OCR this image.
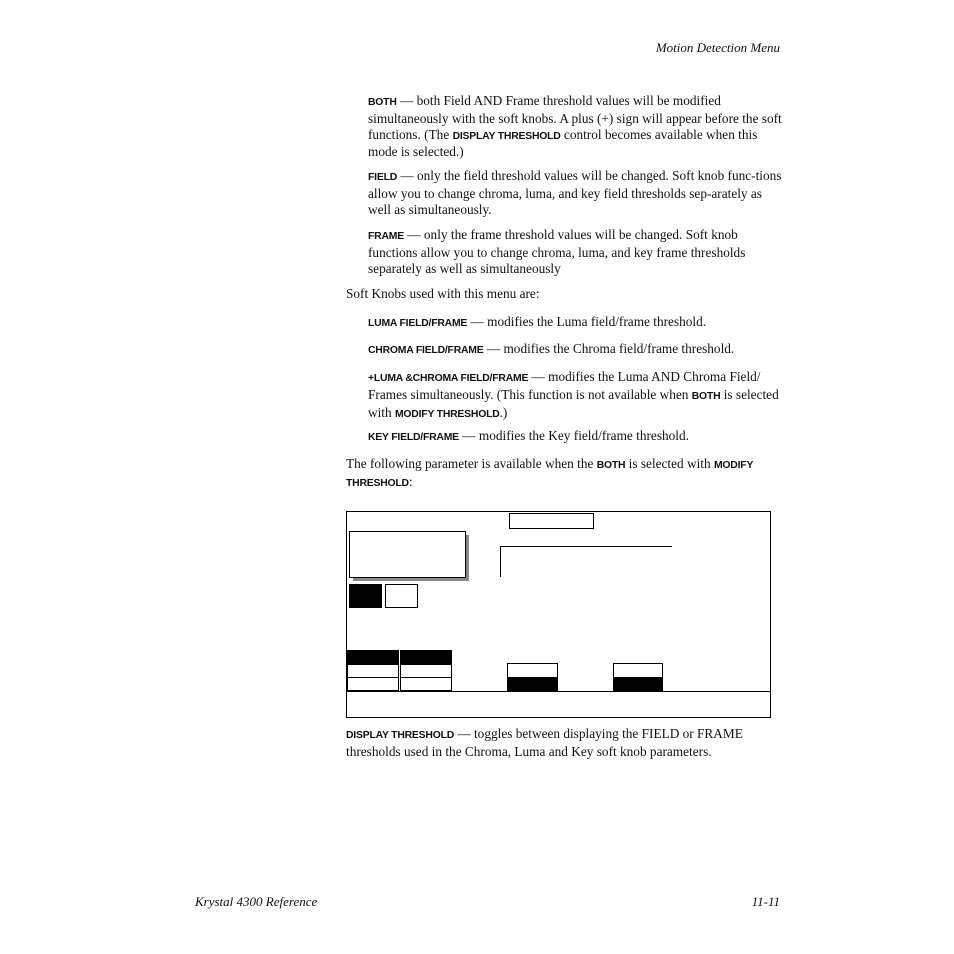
Motion Detection Menu

BOTH — both Field AND Frame threshold values will be modified simultaneously with the soft knobs. A plus (+) sign will appear before the soft functions. (The DISPLAY THRESHOLD control becomes available when this mode is selected.)

FIELD — only the field threshold values will be changed. Soft knob func-tions allow you to change chroma, luma, and key field thresholds sep-arately as well as simultaneously.

FRAME — only the frame threshold values will be changed. Soft knob functions allow you to change chroma, luma, and key frame thresholds separately as well as simultaneously

Soft Knobs used with this menu are:

LUMA FIELD/FRAME — modifies the Luma field/frame threshold.

CHROMA FIELD/FRAME — modifies the Chroma field/frame threshold.

+LUMA &CHROMA FIELD/FRAME — modifies the Luma AND Chroma Field/ Frames simultaneously. (This function is not available when BOTH is selected with MODIFY THRESHOLD.)

KEY FIELD/FRAME — modifies the Key field/frame threshold.

The following parameter is available when the BOTH is selected with MODIFY THRESHOLD:

DISPLAY THRESHOLD — toggles between displaying the FIELD or FRAME thresholds used in the Chroma, Luma and Key soft knob parameters.

Krystal 4300 Reference	11-11
